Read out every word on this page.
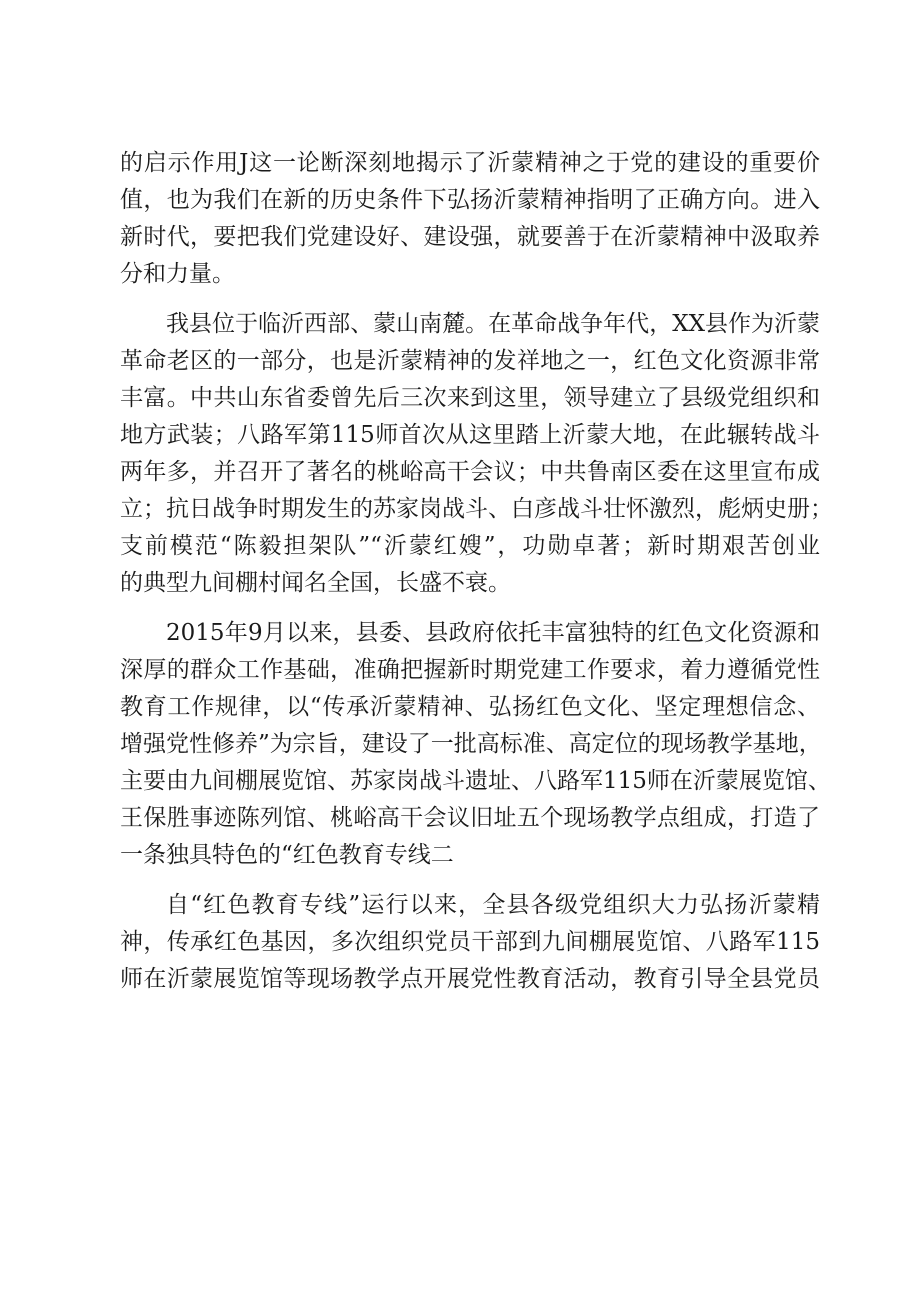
的启示作用J这一论断深刻地揭示了沂蒙精神之于党的建设的重要价
值，也为我们在新的历史条件下弘扬沂蒙精神指明了正确方向。进入
新时代，要把我们党建设好、建设强，就要善于在沂蒙精神中汲取养
分和力量。
我县位于临沂西部、蒙山南麓。在革命战争年代，XX县作为沂蒙
革命老区的一部分，也是沂蒙精神的发祥地之一，红色文化资源非常
丰富。中共山东省委曾先后三次来到这里，领导建立了县级党组织和
地方武装；八路军第115师首次从这里踏上沂蒙大地，在此辗转战斗
两年多，并召开了著名的桃峪高干会议；中共鲁南区委在这里宣布成
立；抗日战争时期发生的苏家岗战斗、白彦战斗壮怀激烈，彪炳史册；
支前模范“陈毅担架队”“沂蒙红嫂”，功勋卓著；新时期艰苦创业
的典型九间棚村闻名全国，长盛不衰。
2015年9月以来，县委、县政府依托丰富独特的红色文化资源和
深厚的群众工作基础，准确把握新时期党建工作要求，着力遵循党性
教育工作规律，以“传承沂蒙精神、弘扬红色文化、坚定理想信念、
增强党性修养”为宗旨，建设了一批高标准、高定位的现场教学基地，
主要由九间棚展览馆、苏家岗战斗遗址、八路军115师在沂蒙展览馆、
王保胜事迹陈列馆、桃峪高干会议旧址五个现场教学点组成，打造了
一条独具特色的“红色教育专线二
自“红色教育专线”运行以来，全县各级党组织大力弘扬沂蒙精
神，传承红色基因，多次组织党员干部到九间棚展览馆、八路军115
师在沂蒙展览馆等现场教学点开展党性教育活动，教育引导全县党员
